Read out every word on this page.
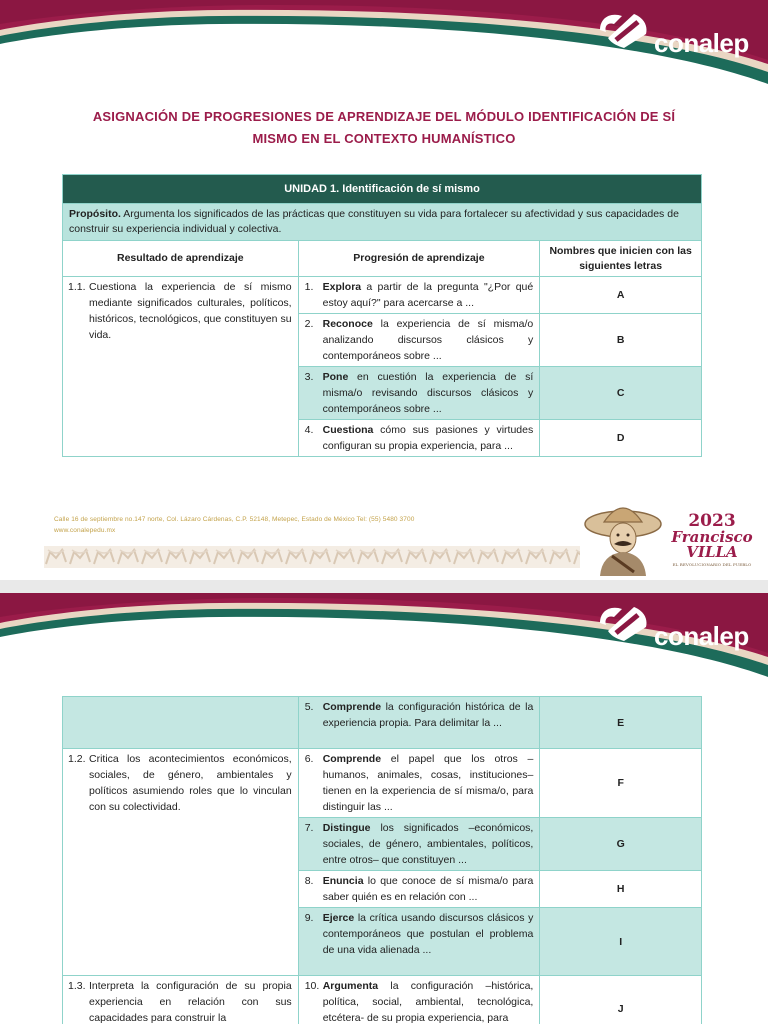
conalep
ASIGNACIÓN DE PROGRESIONES DE APRENDIZAJE DEL MÓDULO IDENTIFICACIÓN DE SÍ
MISMO EN EL CONTEXTO HUMANÍSTICO
UNIDAD 1. Identificación de sí mismo		
Propósito. Argumenta los significados de las prácticas que constituyen su vida para fortalecer su afectividad y sus capacidades de construir su experiencia individual y colectiva.		
Resultado de aprendizaje	Progresión de aprendizaje	Nombres que inicien con las siguientes letras

1.1. Cuestiona la experiencia de sí mismo mediante significados culturales, políticos, históricos, tecnológicos, que constituyen su vida.	1. Explora a partir de la pregunta "¿Por qué estoy aquí?" para acercarse a ...	A

	2. Reconoce la experiencia de sí misma/o analizando discursos clásicos y contemporáneos sobre ...	B

	3. Pone en cuestión la experiencia de sí misma/o revisando discursos clásicos y contemporáneos sobre ...	C

	4. Cuestiona cómo sus pasiones y virtudes configuran su propia experiencia, para ...	D
Calle 16 de septiembre no.147 norte, Col. Lázaro Cárdenas, C.P. 52148, Metepec, Estado de México Tel: (55) 5480 3700
www.conalepedu.mx	2023
Francisco
VILLA
EL REVOLUCIONARIO DEL PUEBLO
conalep

	5. Comprende la configuración histórica de la experiencia propia. Para delimitar la ...	E

1.2. Critica los acontecimientos económicos, sociales, de género, ambientales y políticos asumiendo roles que lo vinculan con su colectividad.	6. Comprende el papel que los otros –humanos, animales, cosas, instituciones– tienen en la experiencia de sí misma/o, para distinguir las ...	F

	7. Distingue los significados –económicos, sociales, de género, ambientales, políticos, entre otros– que constituyen ...	G

	8. Enuncia lo que conoce de sí misma/o para saber quién es en relación con ...	H

	9. Ejerce la crítica usando discursos clásicos y contemporáneos que postulan el problema de una vida alienada ...	I

1.3. Interpreta la configuración de su propia experiencia en relación con sus capacidades para construir la	10. Argumenta la configuración –histórica, política, social, ambiental, tecnológica, etcétera- de su propia experiencia, para	J
